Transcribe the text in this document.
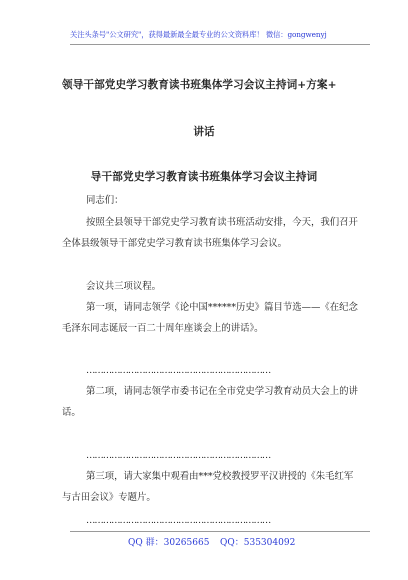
关注头条号"公文研究"，获得最新最全最专业的公文资料库！ 微信：gongwenyj
领导干部党史学习教育读书班集体学习会议主持词+方案+
讲话
导干部党史学习教育读书班集体学习会议主持词

同志们：

按照全县领导干部党史学习教育读书班活动安排，今天，我们召开全体县级领导干部党史学习教育读书班集体学习会议。

会议共三项议程。

第一项，请同志领学《论中国******历史》篇目节选——《在纪念毛泽东同志诞辰一百二十周年座谈会上的讲话》。

…………………………………………………………

第二项，请同志领学市委书记在全市党史学习教育动员大会上的讲话。

…………………………………………………………

第三项，请大家集中观看由***党校教授罗平汉讲授的《朱毛红军与古田会议》专题片。

…………………………………………………………

QQ 群：30265665 QQ：535304092
